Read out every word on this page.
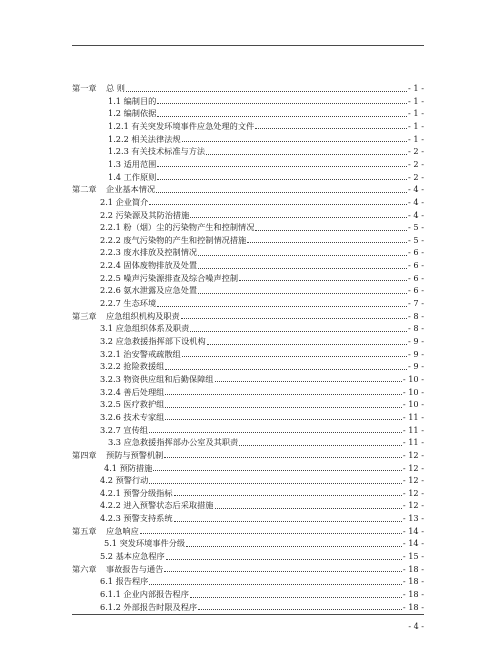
第一章 总 则	- 1 -
1.1 编制目的	- 1 -
1.2 编制依据	- 1 -
1.2.1 有关突发环境事件应急处理的文件	- 1 -
1.2.2 相关法律法规	- 1 -
1.2.3 有关技术标准与方法	- 2 -
1.3 适用范围	- 2 -
1.4 工作原则	- 2 -
第二章 企业基本情况	- 4 -
2.1 企业简介	- 4 -
2.2 污染源及其防治措施	- 4 -
2.2.1 粉（烟）尘的污染物产生和控制情况	- 5 -
2.2.2 废气污染物的产生和控制情况措施	- 5 -
2.2.3 废水排放及控制情况	- 6 -
2.2.4 固体废物排放及处置	- 6 -
2.2.5 噪声污染源排查及综合噪声控制	- 6 -
2.2.6 氨水泄露及应急处置	- 6 -
2.2.7 生态环境	- 7 -
第三章 应急组织机构及职责	- 8 -
3.1 应急组织体系及职责	- 8 -
3.2 应急救援指挥部下设机构	- 9 -
3.2.1 治安警戒疏散组	- 9 -
3.2.2 抢险救援组	- 9 -
3.2.3 物资供应组和后勤保障组	- 10 -
3.2.4 善后处理组	- 10 -
3.2.5 医疗救护组	- 10 -
3.2.6 技术专家组	- 11 -
3.2.7 宣传组	- 11 -
3.3 应急救援指挥部办公室及其职责	- 11 -
第四章 预防与预警机制	- 12 -
4.1 预防措施	- 12 -
4.2 预警行动	- 12 -
4.2.1 预警分级指标	- 12 -
4.2.2 进入预警状态后采取措施	- 12 -
4.2.3 预警支持系统	- 13 -
第五章 应急响应	- 14 -
5.1 突发环境事件分级	- 14 -
5.2 基本应急程序	- 15 -
第六章 事故报告与通告	- 18 -
6.1 报告程序	- 18 -
6.1.1 企业内部报告程序	- 18 -
6.1.2 外部报告时限及程序	- 18 -
- 4 -
